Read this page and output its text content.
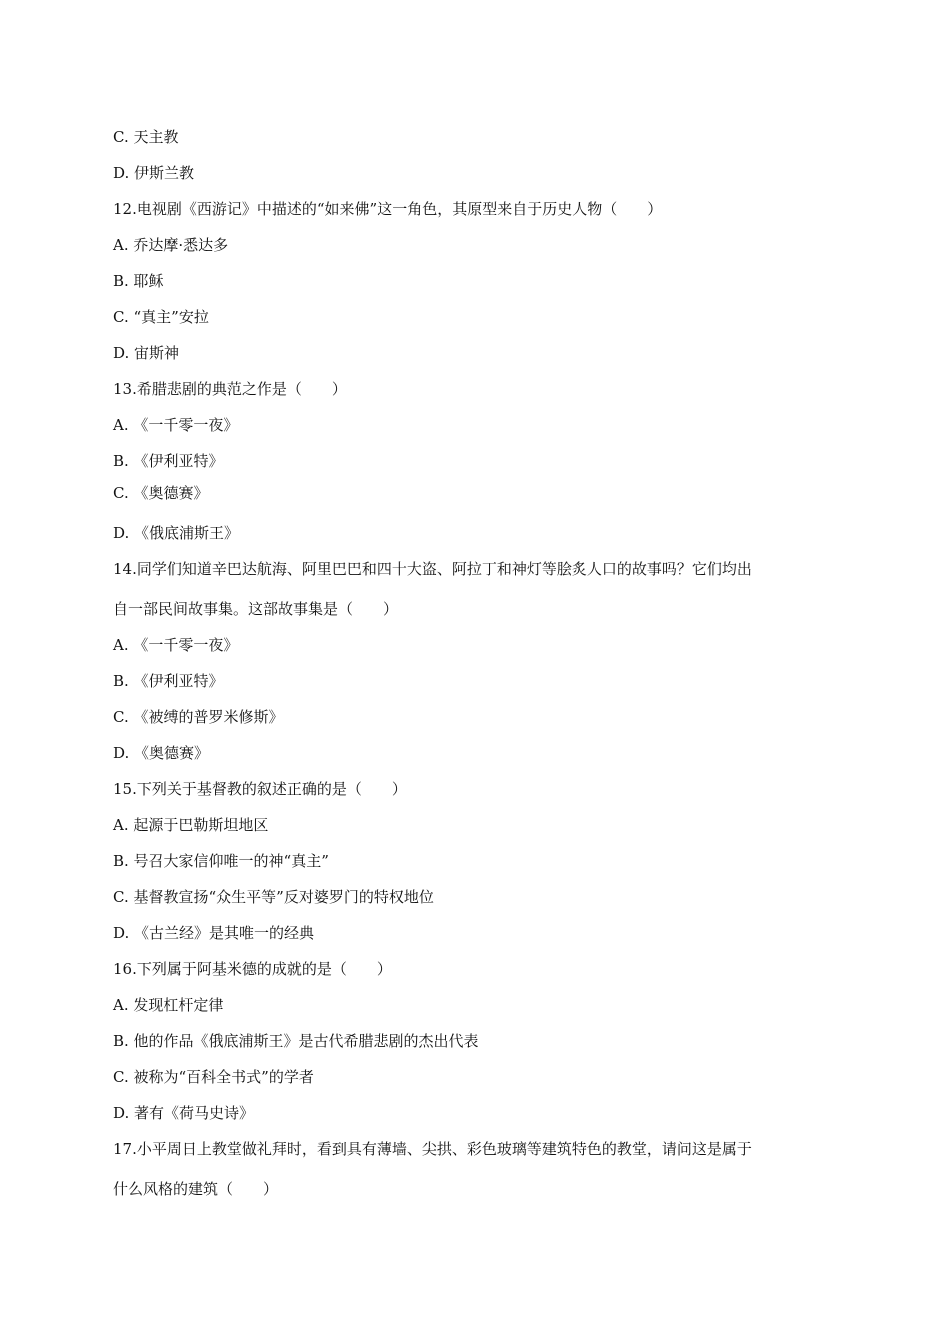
C. 天主教
D. 伊斯兰教
12.电视剧《西游记》中描述的“如来佛”这一角色，其原型来自于历史人物（　　）
A. 乔达摩·悉达多
B. 耶稣
C. “真主”安拉
D. 宙斯神
13.希腊悲剧的典范之作是（　　）
A. 《一千零一夜》
B. 《伊利亚特》
C. 《奥德赛》
D. 《俄底浦斯王》
14.同学们知道辛巴达航海、阿里巴巴和四十大盗、阿拉丁和神灯等脍炙人口的故事吗？它们均出
自一部民间故事集。这部故事集是（　　）
A. 《一千零一夜》
B. 《伊利亚特》
C. 《被缚的普罗米修斯》
D. 《奥德赛》
15.下列关于基督教的叙述正确的是（　　）
A. 起源于巴勒斯坦地区
B. 号召大家信仰唯一的神“真主”
C. 基督教宣扬“众生平等”反对婆罗门的特权地位
D. 《古兰经》是其唯一的经典
16.下列属于阿基米德的成就的是（　　）
A. 发现杠杆定律
B. 他的作品《俄底浦斯王》是古代希腊悲剧的杰出代表
C. 被称为“百科全书式”的学者
D. 著有《荷马史诗》
17.小平周日上教堂做礼拜时，看到具有薄墙、尖拱、彩色玻璃等建筑特色的教堂，请问这是属于
什么风格的建筑（　　）
